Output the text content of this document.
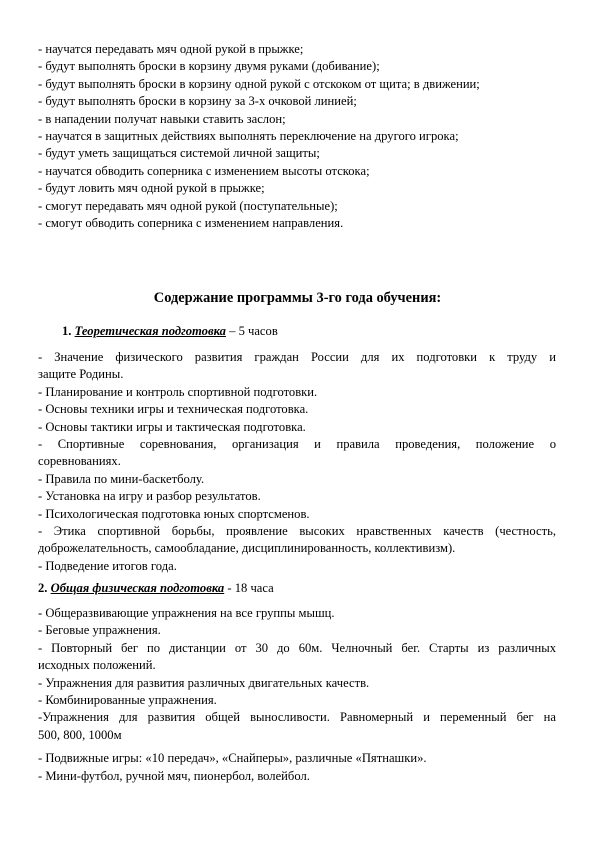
- научатся передавать мяч одной рукой в прыжке;
- будут выполнять броски в корзину двумя руками (добивание);
- будут выполнять броски в корзину одной рукой с отскоком от щита; в движении;
- будут выполнять броски в корзину за 3-х очковой линией;
- в нападении получат навыки ставить заслон;
- научатся в защитных действиях выполнять переключение на другого игрока;
- будут уметь защищаться системой личной защиты;
- научатся обводить соперника с изменением высоты отскока;
- будут ловить мяч одной рукой в прыжке;
- смогут передавать мяч одной рукой (поступательные);
- смогут обводить соперника с изменением направления.
Содержание программы 3-го года обучения:
1. Теоретическая подготовка – 5 часов
- Значение физического развития граждан России для их подготовки к труду и
защите Родины.
- Планирование и контроль спортивной подготовки.
- Основы техники игры и техническая подготовка.
- Основы тактики игры и тактическая подготовка.
- Спортивные соревнования, организация и правила проведения, положение о
соревнованиях.
- Правила по мини-баскетболу.
- Установка на игру и разбор результатов.
- Психологическая подготовка юных спортсменов.
- Этика спортивной борьбы, проявление высоких нравственных качеств (честность,
доброжелательность, самообладание, дисциплинированность, коллективизм).
- Подведение итогов года.
2. Общая физическая подготовка - 18 часа
- Общеразвивающие упражнения на все группы мышц.
- Беговые упражнения.
- Повторный бег по дистанции от 30 до 60м. Челночный бег. Старты из различных
исходных положений.
- Упражнения для развития различных двигательных качеств.
- Комбинированные упражнения.
-Упражнения для развития общей выносливости. Равномерный и переменный бег на
500, 800, 1000м
- Подвижные игры: «10 передач», «Снайперы», различные «Пятнашки».
- Мини-футбол, ручной мяч, пионербол, волейбол.
